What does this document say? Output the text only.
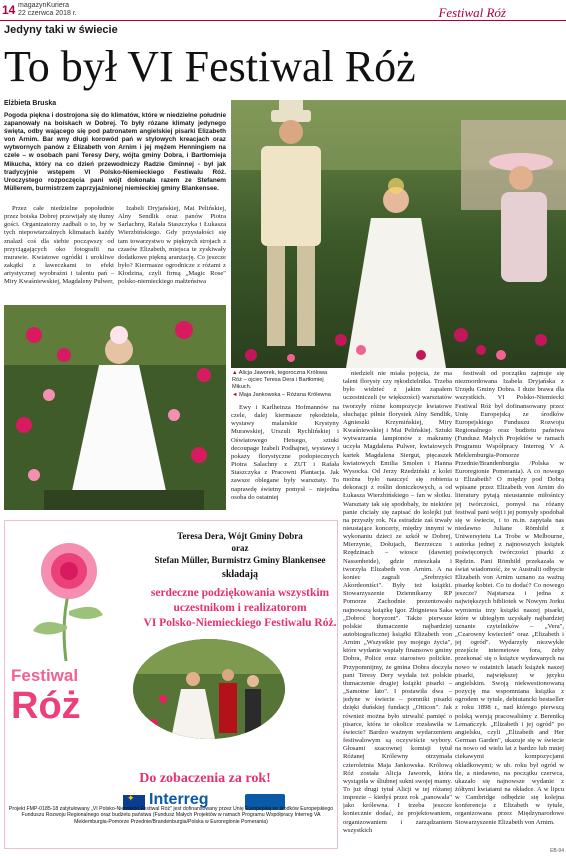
14 magazynKuriera
22 czerwca 2018 r.	Festiwal Róż
Jedyny taki w świecie
To był VI Festiwal Róż
Elżbieta Bruska
Pogoda piękna i dostrojona się do klimatów, które w niedzielne południe zapanowały na boiskach w Dobrej. To były rózane klimaty jedynego święta, odby wającego się pod patronatem angielskiej pisarki Elizabeth von Arnim. Bar wny długi korowód pań w stylowych kreacjach oraz wytwornych panów z Elizabeth von Arnim i jej mężem Henningiem na czele – w osobach pani Teresy Dery, wójta gminy Dobra, i Bartłomieja Mikucha, który na co dzień przewodniczy Radzie Gminnej - był jak tradycyjnie wstępem VI Polsko-Niemieckiego Festiwalu Róż. Uroczystego rozpoczęcia pani wójt dokonała razem ze Stefanem Müllerem, burmistrzem zaprzyjaźnionej niemieckiej gminy Blankensee.
▲ Alicja Jaworek, tegoroczna Królowa Róż – ojciec Teresa Dera i Bartłomiej Mikuch.
◄ Maja Jankowska – Różana Królewna

Przez całe niedzielne popołudnie przez boiska Dobrej przewijały się tłumy gości. Organizatorzy zadbali o to, by w tych niepowtarzalnych klimatach każdy znalazł coś dla siebie począwszy od przyciągających oko fotografii na murawie. Kwiatowe ogródki i urokliwe zakątki z ławeczkami to efekt artystycznej wyobraźni i talentu pań – Miry Kwaśniewskiej, Magdaleny Pulwer,

Izabeli Dryjańskiej, Mai Pelińskiej, Alny Sendlik oraz panów Piotra Sarlachny, Rafała Staszczyka i Łukasza Wierzbińskiego. Gdy przystałości się tam towarzystwo w pięknych strojach z czasów Elizabeth, miejsca te zyskiwały dodatkowe piękną aranżację. Co jeszcze było? Kiermasze ogrodnicze z różami z Kłodzina, czyli firmą „Magic Rose" polsko-niemieckiego małżeństwa

Ewy i Karlheinza Hofmannów na czele, dalej kiermasze rękodzieła, wystawy malarskie Krystyny Murawskiej, Urszuli Rychlińskiej i Oświatowego Hetsego, sztuki decoupage Izabeli Podhajnej, wystawy i pokazy florystyczne podopiecznych Piotra Salachny z ZUT i Rafała Staszczyka z Pracowni Plantacja. Jak zawsze oblegane były warsztaty. To naprawdę świetny pomysł – niejedna osoba do ostatniej

niedzieli nie miała pojęcia, że ma talent florysty czy rękodzielnika. Trzeba było widzieć z jakim zapałem uczestniczeli (w większości) warsztatów tworzyły różne kompozycje kwiatowe słuchając piłnie florystek Ałny Sendlik, Agnieszki Krzymińskiej, Miry Kwaśniewskiej i Mai Pelińskiej. Sztuki wytwarzania lampionów z makramy uczyła Magdalena Pulwer, kwiatowych kartek Magdalena Siergut, pięcaszek kwiatowych Emilia Smolen i Hanna Wysocka. Od Jerzy Rżedziński z kolei można było nauczyć się robienia dekoracji z roślin doniczkowych, a od Łukasza Wierzbińskiego – fan w słoiku. Warsztaty tak się spodobały, że niektóre panie chciały się zapisać do kolejki już na przyszły rok. Na estradzie zaś trwały nieustające koncerty, między innymi w wykonaniu dzieci ze szkół w Dobrej, Mierzynie, Dołujach, Bezrzeczu i Rzędzinach – wiosce (dawniej Nassenheide), gdzie mieszkała i tworzyła Elizabeth von Arnim. A na koniec zagrali „Srebrzyści Akordeoniści". Były też książki. Stowarzyszenie Dziennikarzy RP Pomorze Zachodnie prezentowało najnowszą książkę Igor. Zbigniewa Saka „Dobroć horyzont". Także pierwsze polskie tłumaczenie najbardziej autobiograficznej książki Elizabeth von Arnim „Wszystkie psy mojego życia", które wydanie wspiały finansowo gminy Dobra, Police oraz starostwo polickie. Przypomnijmy, że gmina Dobra doczyła pani Teresy Dery wydała też polskie tłumaczenie drugiej książki pisarki – „Samotne lato". I postawiła dwa – jedyne w świecie – pomniki pisarki dzięki duńskiej fundacji „Otticon". Jak również można było utrwalić pamięć o pisarce, która te okolice rozsławiła w świecie? Bardzo ważnym wydarzeniem festiwalowym są oczywiście wybory. Głosami szacownej komisji tytuł Różanej Królewny otrzymała czteroletnia Maja Jankowska. Królową Róż została Alicja Jaworek, która wystąpiła w śliubnej sukni swojej mamy. To już drugi tytuł Alicji w tej różanej imprezie – kiedyś przez rok „panowała" jako królewna. I trzeba jeszcze koniecznie dodać, że projektowaniem, organizowaniem i zarządzaniem wszystkich

festiwali od początku zajmuje się niezmordowana Izabela Dryjańska z Urzędu Gminy Dobra. I duże brawa dla wszystkich. VI Polsko-Niemiecki Festiwal Róż był dofinansowany przez Unię Europejską ze środków Europejskiego Funduszu Rozwoju Regionalnego oraz budżetu państwa (Fundusz Małych Projektów w ramach Programu Współpracy Interreg V A Meklemburgia-Pomorze Przednie/Brandenburgia /Polska w Euroregionie Pomerania). A co nowego u Elizabeth? O między pod Dobrą wpisane przez Elizabeth von Arnim do literatury pytają nieustannie miłośnicy jej twórczości, pomysł na różany festiwal pani wójt i jej pomysły spodobał się w świecie, i to m.in. zapytała nas niedawno Juliane Römhild z Uniwersytetu La Trobe w Melbourne, autorka jednej z najnowszych książek poświęconych twórczości pisarki z Rędzin. Pani Römhild przekazała w świat wiadomość, że w Australii odbycie Elizabeth von Arnim uznano za ważną pisarkę kobiet. Co tu dodać? Co nowego jeszcze? Najstarsza i jedna z największych bibliotek w Nowym Jorku wymienia trzy książki naszej pisarki, które w ubiegłym uzyskały najbardziej uznanie czytelników – „Vera", „Czarowny kwiecień" oraz „Elizabeth i jej ogród". Wydarzyły niezwykłe przejście internetowe fora, żeby przekonać się o książce wydawanych na nowo w ostatnich latach książek naszej pisarki, największej w języku angielskim. Swoją niekwestionowaną pozycję ma wspomniana książka z ogrodem w tytule, debiutancki bestseller z roku 1898 r., nad którego pierwszą polską wersją pracowaliśmy z Bereniką Lemańczyk. „Elizabeth i jej ogród" po angielsku, czyli „Elizabeth and Her German Garden", ukazuje się w świecie na nowo od wielu lat z bardzo lub mniej ciekawymi kompozycjami okładkowymi; w ub. roku był ogród w tle, a niedawno, na początku czerwca, ukazało się najnowsze wydanie z żółtymi kwiatami na okładce. A w lipcu w Cambridge odbędzie się kolejna konferencja z Elizabeth w tytule, organizowana przez Międzynarodowe Stowarzyszenie Elizabeth von Arnim.

Teresa Dera, Wójt Gminy Dobra
oraz
Stefan Müller, Burmistrz Gminy Blankensee
składają
serdeczne podziękowania wszystkim
uczestnikom i realizatorom
VI Polsko-Niemieckiego Festiwalu Róż.
Festiwal
Róż
Do zobaczenia za rok!
✦ Interreg
Projekt FMP-0185-18 zatytułowany „VI Polsko-Niemiecki Festiwal Róż" jest dofinansowany przez Unię Europejską ze środków Europejskiego Funduszu Rozwoju Regionalnego oraz budżetu państwa (Fundusz Małych Projektów w ramach Programu Współpracy Interreg VA Meklemburgia-Pomorze Przednie/Brandenburgia/Polska w Euroregionie Pomerania)
EB-94
